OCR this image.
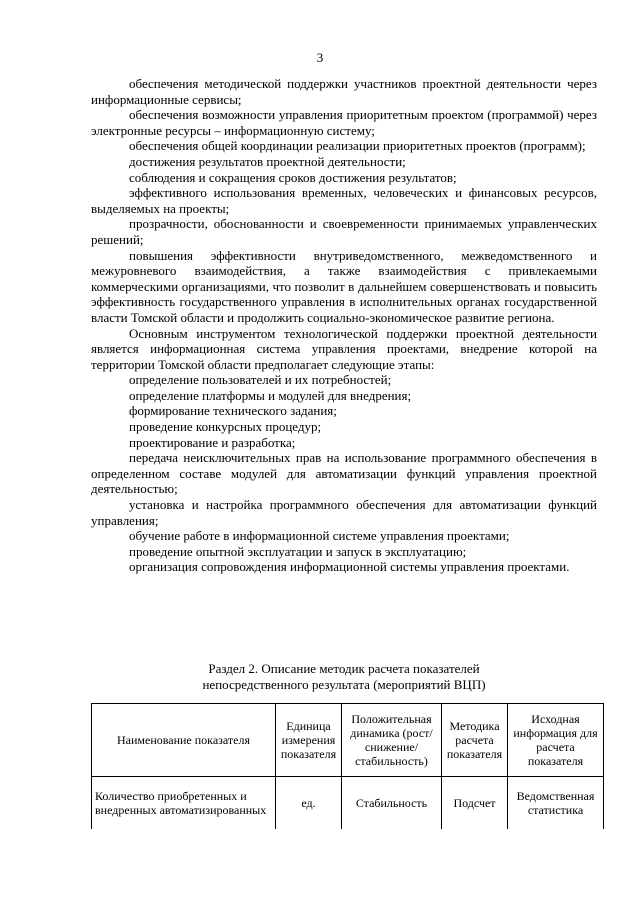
3

обеспечения методической поддержки участников проектной деятельности через информационные сервисы;

обеспечения возможности управления приоритетным проектом (программой) через электронные ресурсы – информационную систему;

обеспечения общей координации реализации приоритетных проектов (программ);

достижения результатов проектной деятельности;

соблюдения и сокращения сроков достижения результатов;

эффективного использования временных, человеческих и финансовых ресурсов, выделяемых на проекты;

прозрачности, обоснованности и своевременности принимаемых управленческих решений;

повышения эффективности внутриведомственного, межведомственного и межуровневого взаимодействия, а также взаимодействия с привлекаемыми коммерческими организациями, что позволит в дальнейшем совершенствовать и повысить эффективность государственного управления в исполнительных органах государственной власти Томской области и продолжить социально-экономическое развитие региона.

Основным инструментом технологической поддержки проектной деятельности является информационная система управления проектами, внедрение которой на территории Томской области предполагает следующие этапы:

определение пользователей и их потребностей;

определение платформы и модулей для внедрения;

формирование технического задания;

проведение конкурсных процедур;

проектирование и разработка;

передача неисключительных прав на использование программного обеспечения в определенном составе модулей для автоматизации функций управления проектной деятельностью;

установка и настройка программного обеспечения для автоматизации функций управления;

обучение работе в информационной системе управления проектами;

проведение опытной эксплуатации и запуск в эксплуатацию;

организация сопровождения информационной системы управления проектами.

Раздел 2. Описание методик расчета показателей
непосредственного результата (мероприятий ВЦП)
Наименование показателя	Единица измерения показателя	Положительная динамика (рост/снижение/стабильность)	Методика расчета показателя	Исходная информация для расчета показателя
Количество приобретенных и внедренных автоматизированных	ед.	Стабильность	Подсчет	Ведомственная статистика
